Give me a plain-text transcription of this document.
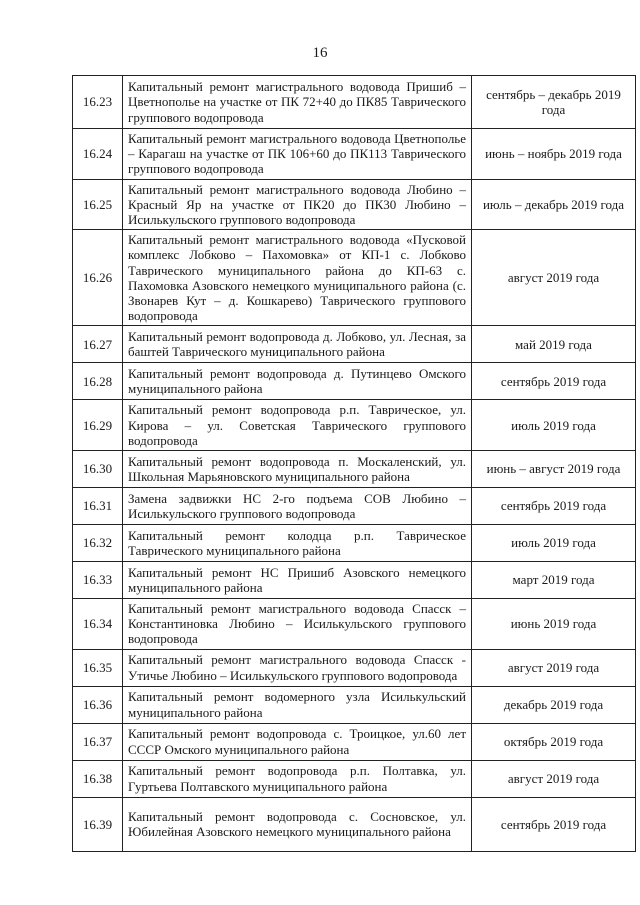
16
16.23	Капитальный ремонт магистрального водовода Пришиб – Цветнополье на участке от ПК 72+40 до ПК85 Таврического группового водопровода	сентябрь – декабрь 2019 года
16.24	Капитальный ремонт магистрального водовода Цветнополье – Карагаш на участке от ПК 106+60 до ПК113 Таврического группового водопровода	июнь – ноябрь 2019 года
16.25	Капитальный ремонт магистрального водовода Любино – Красный Яр на участке от ПК20 до ПК30 Любино – Исилькульского группового водопровода	июль – декабрь 2019 года
16.26	Капитальный ремонт магистрального водовода «Пусковой комплекс Лобково – Пахомовка» от КП-1 с. Лобково Таврического муниципального района до КП-63 с. Пахомовка Азовского немецкого муниципального района (с. Звонарев Кут – д. Кошкарево) Таврического группового водопровода	август 2019 года
16.27	Капитальный ремонт водопровода д. Лобково, ул. Лесная, за баштей Таврического муниципального района	май 2019 года
16.28	Капитальный ремонт водопровода д. Путинцево Омского муниципального района	сентябрь 2019 года
16.29	Капитальный ремонт водопровода р.п. Таврическое, ул. Кирова – ул. Советская Таврического группового водопровода	июль 2019 года
16.30	Капитальный ремонт водопровода п. Москаленский, ул. Школьная Марьяновского муниципального района	июнь – август 2019 года
16.31	Замена задвижки НС 2-го подъема СОВ Любино – Исилькульского группового водопровода	сентябрь 2019 года
16.32	Капитальный ремонт колодца р.п. Таврическое Таврического муниципального района	июль 2019 года
16.33	Капитальный ремонт НС Пришиб Азовского немецкого муниципального района	март 2019 года
16.34	Капитальный ремонт магистрального водовода Спасск – Константиновка Любино – Исилькульского группового водопровода	июнь 2019 года
16.35	Капитальный ремонт магистрального водовода Спасск - Утичье Любино – Исилькульского группового водопровода	август 2019 года
16.36	Капитальный ремонт водомерного узла Исилькульский муниципального района	декабрь 2019 года
16.37	Капитальный ремонт водопровода с. Троицкое, ул.60 лет СССР Омского муниципального района	октябрь 2019 года
16.38	Капитальный ремонт водопровода р.п. Полтавка, ул. Гуртьева Полтавского муниципального района	август 2019 года
16.39	Капитальный ремонт водопровода с. Сосновское, ул. Юбилейная Азовского немецкого муниципального района	сентябрь 2019 года
